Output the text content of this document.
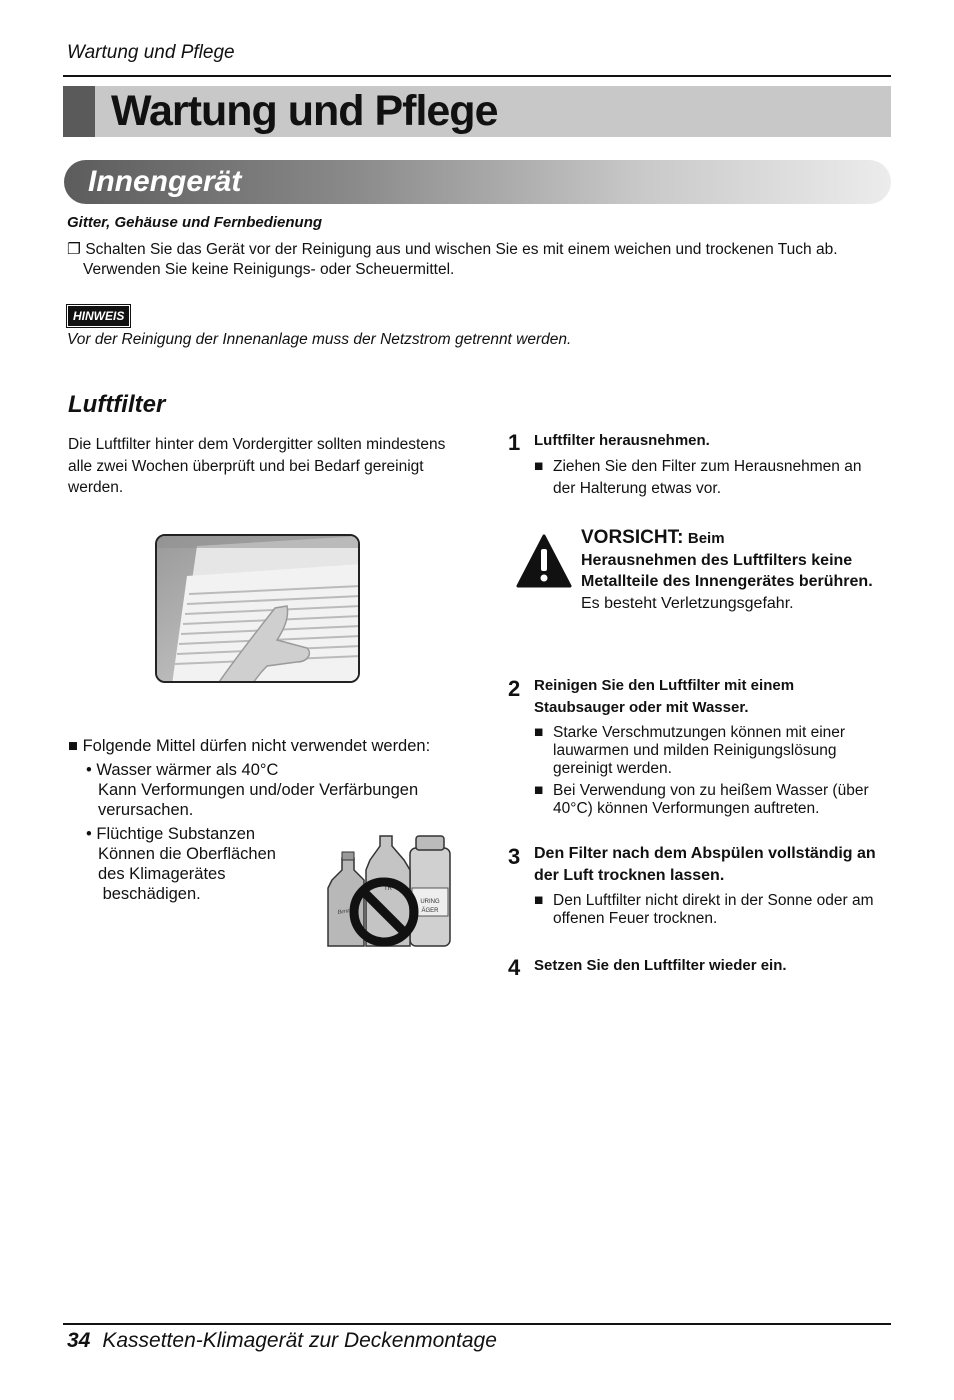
Wartung und Pflege
Wartung und Pflege
Innengerät
Gitter, Gehäuse und Fernbedienung
❐ Schalten Sie das Gerät vor der Reinigung aus und wischen Sie es mit einem weichen und trockenen Tuch ab.
Verwenden Sie keine Reinigungs- oder Scheuermittel.
HINWEIS
Vor der Reinigung der Innenanlage muss der Netzstrom getrennt werden.
Luftfilter
Die Luftfilter hinter dem Vordergitter sollten mindestens alle zwei Wochen überprüft und bei Bedarf gereinigt werden.
■ Folgende Mittel dürfen nicht verwendet werden:
• Wasser wärmer als 40°C
Kann Verformungen und/oder Verfärbungen
verursachen.
• Flüchtige Substanzen
Können die Oberflächen
des Klimagerätes
beschädigen.	URING
ÄGER
TR
Benzol
1 Luftfilter herausnehmen.
■ Ziehen Sie den Filter zum Herausnehmen an der Halterung etwas vor.
VORSICHT: Beim
Herausnehmen des Luftfilters keine Metallteile des Innengerätes berühren.
Es besteht Verletzungsgefahr.
2 Reinigen Sie den Luftfilter mit einem Staubsauger oder mit Wasser.
■ Starke Verschmutzungen können mit einer lauwarmen und milden Reinigungslösung gereinigt werden.
■ Bei Verwendung von zu heißem Wasser (über 40°C) können Verformungen auftreten.
3 Den Filter nach dem Abspülen vollständig an der Luft trocknen lassen.
■ Den Luftfilter nicht direkt in der Sonne oder am offenen Feuer trocknen.
4 Setzen Sie den Luftfilter wieder ein.
34 Kassetten-Klimagerät zur Deckenmontage
